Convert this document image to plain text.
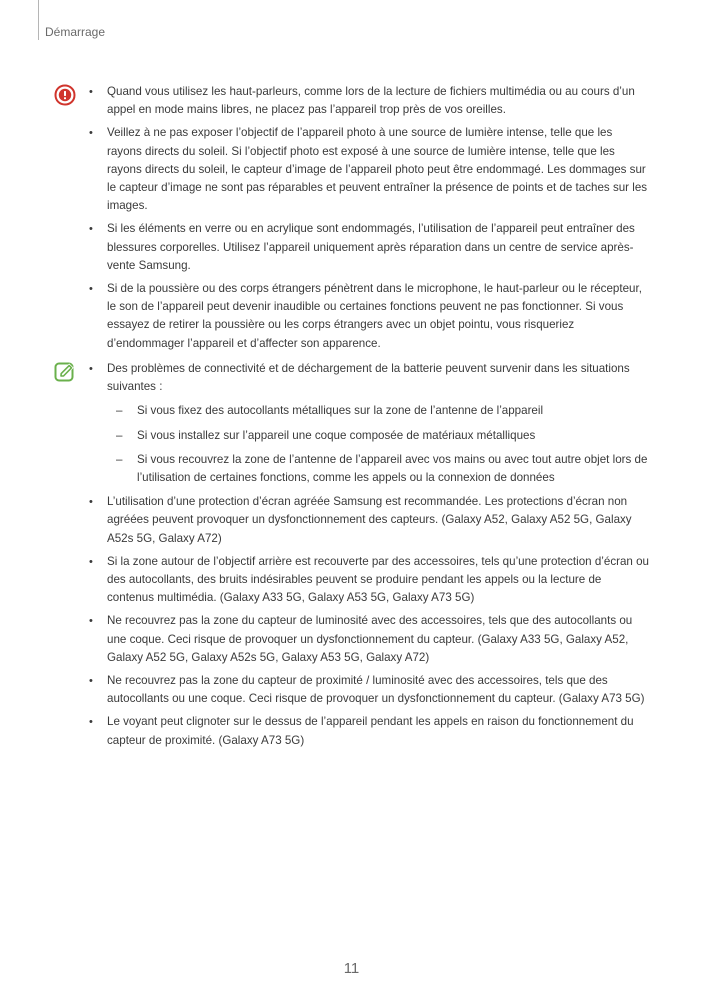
Démarrage
• Quand vous utilisez les haut-parleurs, comme lors de la lecture de fichiers multimédia ou au cours d’un appel en mode mains libres, ne placez pas l’appareil trop près de vos oreilles.
• Veillez à ne pas exposer l’objectif de l’appareil photo à une source de lumière intense, telle que les rayons directs du soleil. Si l’objectif photo est exposé à une source de lumière intense, telle que les rayons directs du soleil, le capteur d’image de l’appareil photo peut être endommagé. Les dommages sur le capteur d’image ne sont pas réparables et peuvent entraîner la présence de points et de taches sur les images.
• Si les éléments en verre ou en acrylique sont endommagés, l’utilisation de l’appareil peut entraîner des blessures corporelles. Utilisez l’appareil uniquement après réparation dans un centre de service après-vente Samsung.
• Si de la poussière ou des corps étrangers pénètrent dans le microphone, le haut-parleur ou le récepteur, le son de l’appareil peut devenir inaudible ou certaines fonctions peuvent ne pas fonctionner. Si vous essayez de retirer la poussière ou les corps étrangers avec un objet pointu, vous risqueriez d’endommager l’appareil et d’affecter son apparence.
• Des problèmes de connectivité et de déchargement de la batterie peuvent survenir dans les situations suivantes :
– Si vous fixez des autocollants métalliques sur la zone de l’antenne de l’appareil
– Si vous installez sur l’appareil une coque composée de matériaux métalliques
– Si vous recouvrez la zone de l’antenne de l’appareil avec vos mains ou avec tout autre objet lors de l’utilisation de certaines fonctions, comme les appels ou la connexion de données
• L’utilisation d’une protection d’écran agréée Samsung est recommandée. Les protections d’écran non agréées peuvent provoquer un dysfonctionnement des capteurs. (Galaxy A52, Galaxy A52 5G, Galaxy A52s 5G, Galaxy A72)
• Si la zone autour de l’objectif arrière est recouverte par des accessoires, tels qu’une protection d’écran ou des autocollants, des bruits indésirables peuvent se produire pendant les appels ou la lecture de contenus multimédia. (Galaxy A33 5G, Galaxy A53 5G, Galaxy A73 5G)
• Ne recouvrez pas la zone du capteur de luminosité avec des accessoires, tels que des autocollants ou une coque. Ceci risque de provoquer un dysfonctionnement du capteur. (Galaxy A33 5G, Galaxy A52, Galaxy A52 5G, Galaxy A52s 5G, Galaxy A53 5G, Galaxy A72)
• Ne recouvrez pas la zone du capteur de proximité / luminosité avec des accessoires, tels que des autocollants ou une coque. Ceci risque de provoquer un dysfonctionnement du capteur. (Galaxy A73 5G)
• Le voyant peut clignoter sur le dessus de l’appareil pendant les appels en raison du fonctionnement du capteur de proximité. (Galaxy A73 5G)
11
